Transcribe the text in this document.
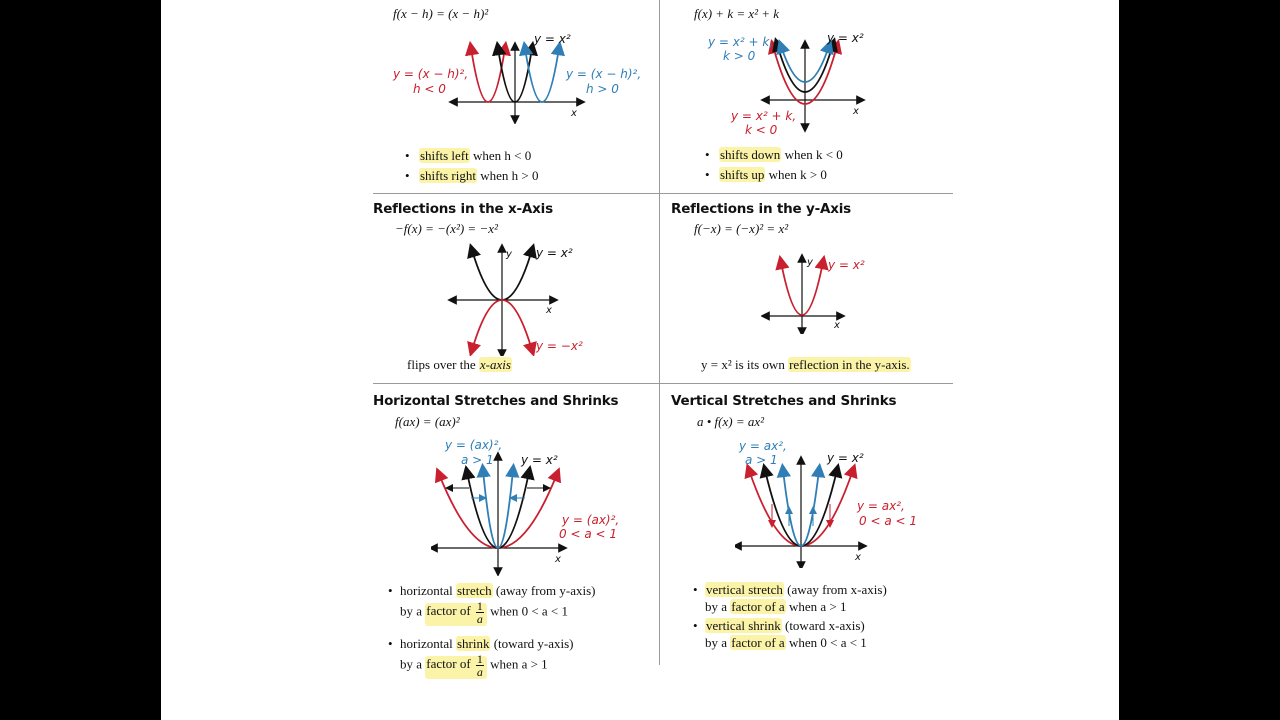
f(x − h) = (x − h)²
y = x²
y = (x − h)²,
h < 0
y = (x − h)²,
h > 0
x
• shifts left when h < 0
• shifts right when h > 0
f(x) + k = x² + k
y = x²
y = x² + k,
k > 0
y = x² + k,
k < 0
x
• shifts down when k < 0
• shifts up when k > 0
Reflections in the x-Axis
−f(x) = −(x²) = −x²
y = x²
y
x
y = −x²
flips over the x-axis
Reflections in the y-Axis
f(−x) = (−x)² = x²
y y = x²
x
y = x² is its own reflection in the y-axis.
Horizontal Stretches and Shrinks
f(ax) = (ax)²
y = (ax)²,
a > 1 y = x²
y = (ax)²,
0 < a < 1
x
• horizontal stretch (away from y-axis)
by a factor of $\frac{1}{a}$ when 0 < a < 1
• horizontal shrink (toward y-axis)
by a factor of $\frac{1}{a}$ when a > 1
Vertical Stretches and Shrinks
a • f(x) = ax²
y = ax²,
a > 1	y = x²
y = ax²,
0 < a < 1
x
• vertical stretch (away from x-axis)
by a factor of a when a > 1
• vertical shrink (toward x-axis)
by a factor of a when 0 < a < 1
